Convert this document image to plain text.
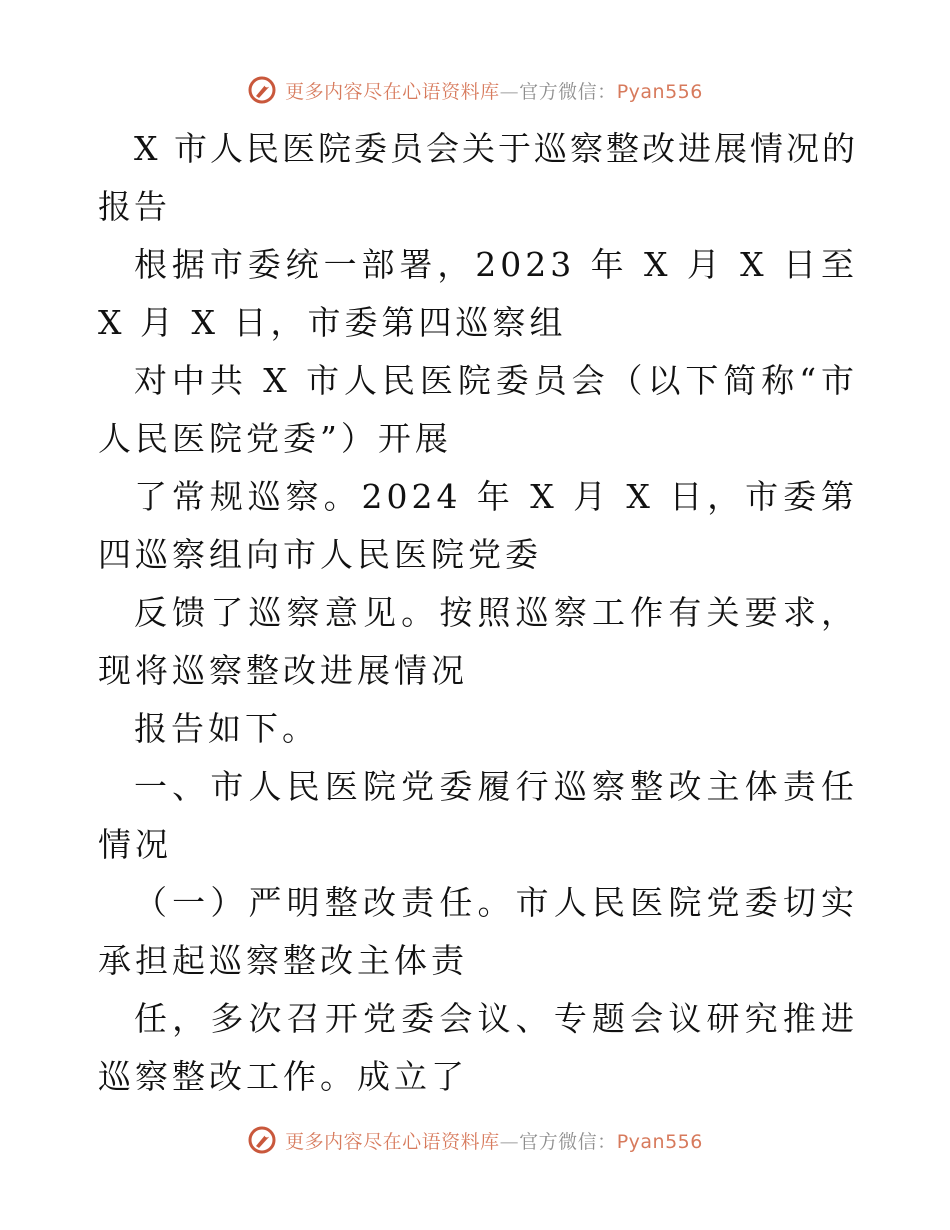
更多内容尽在心语资料库—官方微信：Pyan556

X 市人民医院委员会关于巡察整改进展情况的报告

根据市委统一部署，2023 年 X 月 X 日至 X 月 X 日，市委第四巡察组

对中共 X 市人民医院委员会（以下简称“市人民医院党委”）开展

了常规巡察。2024 年 X 月 X 日，市委第四巡察组向市人民医院党委

反馈了巡察意见。按照巡察工作有关要求，现将巡察整改进展情况

报告如下。

一、市人民医院党委履行巡察整改主体责任情况

（一）严明整改责任。市人民医院党委切实承担起巡察整改主体责

任，多次召开党委会议、专题会议研究推进巡察整改工作。成立了

更多内容尽在心语资料库—官方微信：Pyan556
